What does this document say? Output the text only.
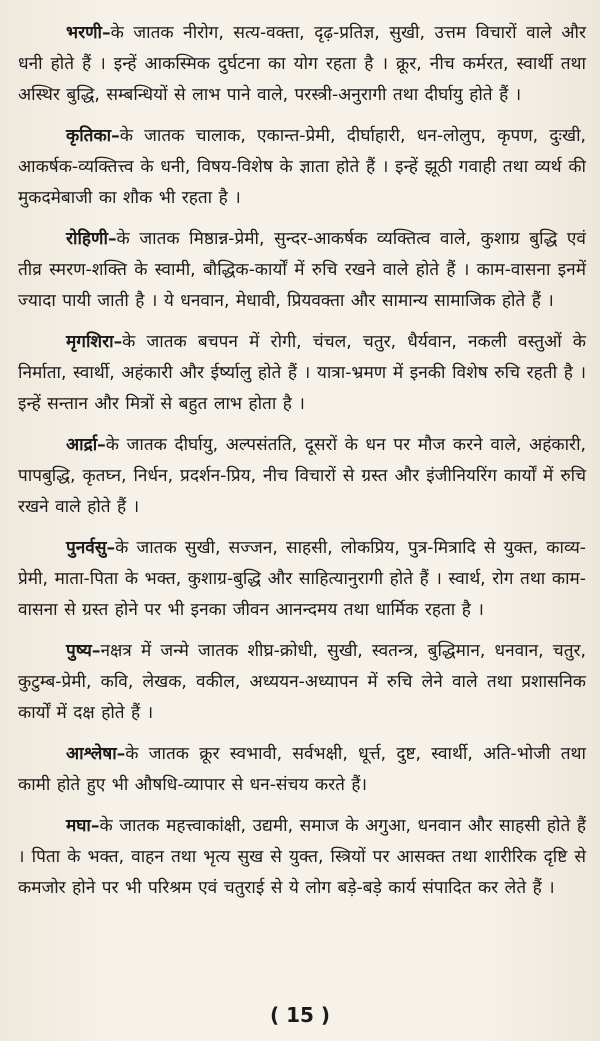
भरणी–के जातक नीरोग, सत्य-वक्ता, दृढ़-प्रतिज्ञ, सुखी, उत्तम विचारों वाले और धनी होते हैं । इन्हें आकस्मिक दुर्घटना का योग रहता है । क्रूर, नीच कर्मरत, स्वार्थी तथा अस्थिर बुद्धि, सम्बन्धियों से लाभ पाने वाले, परस्त्री-अनुरागी तथा दीर्घायु होते हैं ।

कृतिका–के जातक चालाक, एकान्त-प्रेमी, दीर्घाहारी, धन-लोलुप, कृपण, दुःखी, आकर्षक-व्यक्तित्त्व के धनी, विषय-विशेष के ज्ञाता होते हैं । इन्हें झूठी गवाही तथा व्यर्थ की मुकदमेबाजी का शौक भी रहता है ।

रोहिणी–के जातक मिष्ठान्न-प्रेमी, सुन्दर-आकर्षक व्यक्तित्व वाले, कुशाग्र बुद्धि एवं तीव्र स्मरण-शक्ति के स्वामी, बौद्धिक-कार्यों में रुचि रखने वाले होते हैं । काम-वासना इनमें ज्यादा पायी जाती है । ये धनवान, मेधावी, प्रियवक्ता और सामान्य सामाजिक होते हैं ।

मृगशिरा–के जातक बचपन में रोगी, चंचल, चतुर, धैर्यवान, नकली वस्तुओं के निर्माता, स्वार्थी, अहंकारी और ईर्ष्यालु होते हैं । यात्रा-भ्रमण में इनकी विशेष रुचि रहती है । इन्हें सन्तान और मित्रों से बहुत लाभ होता है ।

आर्द्रा–के जातक दीर्घायु, अल्पसंतति, दूसरों के धन पर मौज करने वाले, अहंकारी, पापबुद्धि, कृतघ्न, निर्धन, प्रदर्शन-प्रिय, नीच विचारों से ग्रस्त और इंजीनियरिंग कार्यों में रुचि रखने वाले होते हैं ।

पुनर्वसु–के जातक सुखी, सज्जन, साहसी, लोकप्रिय, पुत्र-मित्रादि से युक्त, काव्य-प्रेमी, माता-पिता के भक्त, कुशाग्र-बुद्धि और साहित्यानुरागी होते हैं । स्वार्थ, रोग तथा काम-वासना से ग्रस्त होने पर भी इनका जीवन आनन्दमय तथा धार्मिक रहता है ।

पुष्य–नक्षत्र में जन्मे जातक शीघ्र-क्रोधी, सुखी, स्वतन्त्र, बुद्धिमान, धनवान, चतुर, कुटुम्ब-प्रेमी, कवि, लेखक, वकील, अध्ययन-अध्यापन में रुचि लेने वाले तथा प्रशासनिक कार्यों में दक्ष होते हैं ।

आश्लेषा–के जातक क्रूर स्वभावी, सर्वभक्षी, धूर्त्त, दुष्ट, स्वार्थी, अति-भोजी तथा कामी होते हुए भी औषधि-व्यापार से धन-संचय करते हैं।

मघा–के जातक महत्त्वाकांक्षी, उद्यमी, समाज के अगुआ, धनवान और साहसी होते हैं । पिता के भक्त, वाहन तथा भृत्य सुख से युक्त, स्त्रियों पर आसक्त तथा शारीरिक दृष्टि से कमजोर होने पर भी परिश्रम एवं चतुराई से ये लोग बड़े-बड़े कार्य संपादित कर लेते हैं ।

( 15 )
